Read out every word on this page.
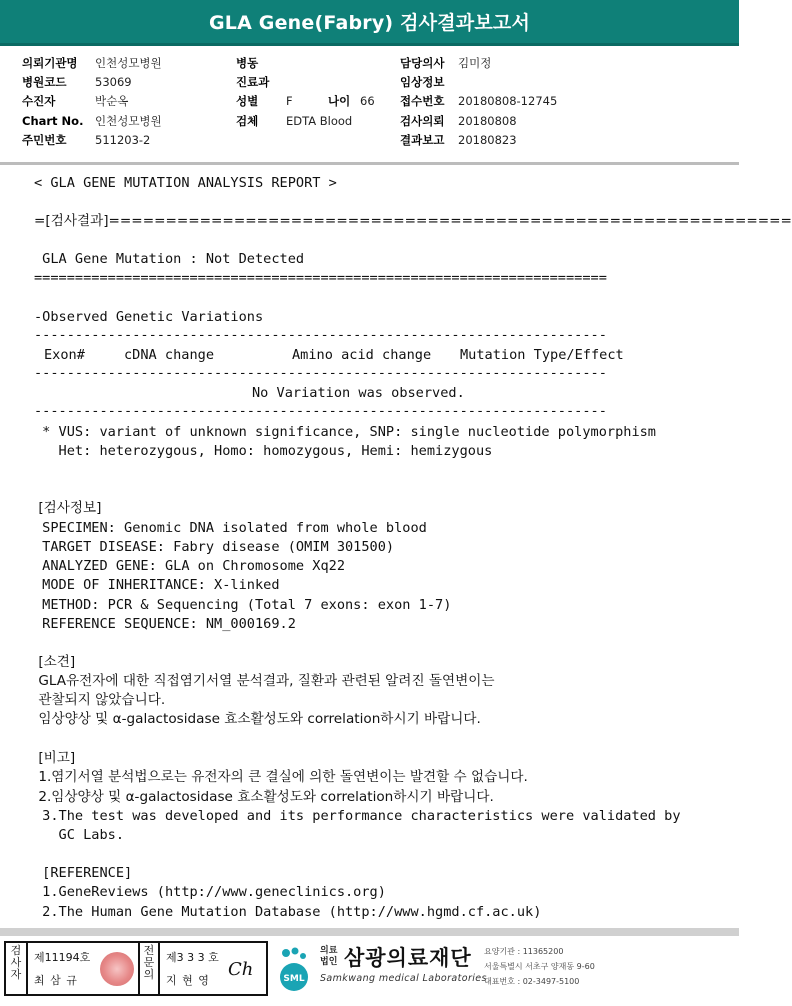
GLA Gene(Fabry) 검사결과보고서
의뢰기관명 인천성모병원
병원코드 53069
수진자	박순옥
Chart No. 인천성모병원
주민번호 511203-2
병동
진료과
성별 F	나이 66
검체 EDTA Blood
담당의사 김미정
임상정보
접수번호 20180808-12745
검사의뢰 20180808
결과보고 20180823
< GLA GENE MUTATION ANALYSIS REPORT >
=[검사결과]============================================================
GLA Gene Mutation : Not Detected
======================================================================
-Observed Genetic Variations
----------------------------------------------------------------------
Exon#	cDNA change	Amino acid change Mutation Type/Effect
----------------------------------------------------------------------
No Variation was observed.
----------------------------------------------------------------------
* VUS: variant of unknown significance, SNP: single nucleotide polymorphism
Het: heterozygous, Homo: homozygous, Hemi: hemizygous
[검사정보]
SPECIMEN: Genomic DNA isolated from whole blood
TARGET DISEASE: Fabry disease (OMIM 301500)
ANALYZED GENE: GLA on Chromosome Xq22
MODE OF INHERITANCE: X-linked
METHOD: PCR & Sequencing (Total 7 exons: exon 1-7)
REFERENCE SEQUENCE: NM_000169.2
[소견]
GLA유전자에 대한 직접염기서열 분석결과, 질환과 관련된 알려진 돌연변이는
관찰되지 않았습니다.
임상양상 및 α-galactosidase 효소활성도와 correlation하시기 바랍니다.
[비고]
1.염기서열 분석법으로는 유전자의 큰 결실에 의한 돌연변이는 발견할 수 없습니다.
2.임상양상 및 α-galactosidase 효소활성도와 correlation하시기 바랍니다.
3.The test was developed and its performance characteristics were validated by
GC Labs.
[REFERENCE]
1.GeneReviews (http://www.geneclinics.org)
2.The Human Gene Mutation Database (http://www.hgmd.cf.ac.uk)
검사자
제11194호
최 삼 규
전문의
제3 3 3 호
지 현 영
Ch	SML
의료
법인 삼광의료재단
Samkwang medical Laboratories
요양기관 : 11365200
서울특별시 서초구 양재동 9-60
대표번호 : 02-3497-5100
